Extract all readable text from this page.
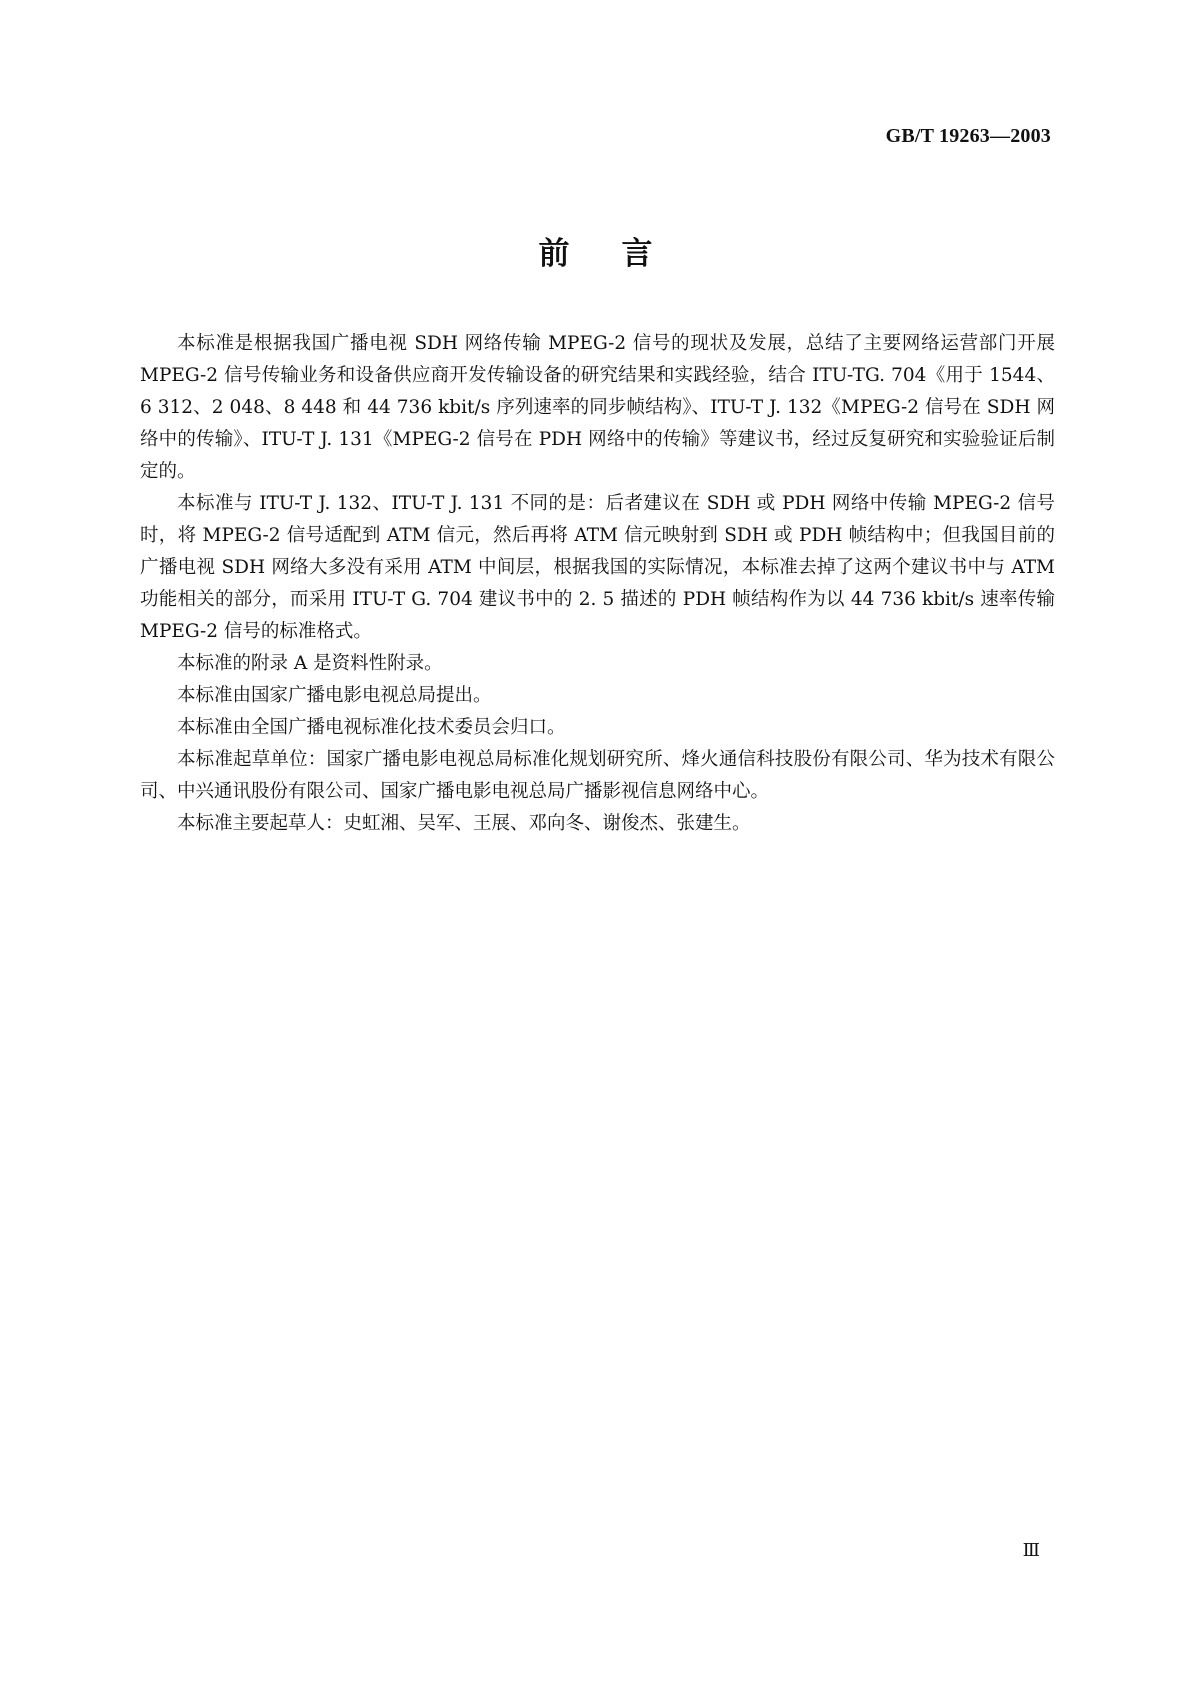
GB/T 19263—2003
前言

本标准是根据我国广播电视 SDH 网络传输 MPEG-2 信号的现状及发展，总结了主要网络运营部门开展 MPEG-2 信号传输业务和设备供应商开发传输设备的研究结果和实践经验，结合 ITU-TG. 704《用于 1544、6 312、2 048、8 448 和 44 736 kbit/s 序列速率的同步帧结构》、ITU-T J. 132《MPEG-2 信号在 SDH 网络中的传输》、ITU-T J. 131《MPEG-2 信号在 PDH 网络中的传输》等建议书，经过反复研究和实验验证后制定的。

本标准与 ITU-T J. 132、ITU-T J. 131 不同的是：后者建议在 SDH 或 PDH 网络中传输 MPEG-2 信号时，将 MPEG-2 信号适配到 ATM 信元，然后再将 ATM 信元映射到 SDH 或 PDH 帧结构中；但我国目前的广播电视 SDH 网络大多没有采用 ATM 中间层，根据我国的实际情况，本标准去掉了这两个建议书中与 ATM 功能相关的部分，而采用 ITU-T G. 704 建议书中的 2. 5 描述的 PDH 帧结构作为以 44 736 kbit/s 速率传输 MPEG-2 信号的标准格式。

本标准的附录 A 是资料性附录。

本标准由国家广播电影电视总局提出。

本标准由全国广播电视标准化技术委员会归口。

本标准起草单位：国家广播电影电视总局标准化规划研究所、烽火通信科技股份有限公司、华为技术有限公司、中兴通讯股份有限公司、国家广播电影电视总局广播影视信息网络中心。

本标准主要起草人：史虹湘、吴军、王展、邓向冬、谢俊杰、张建生。

Ⅲ
